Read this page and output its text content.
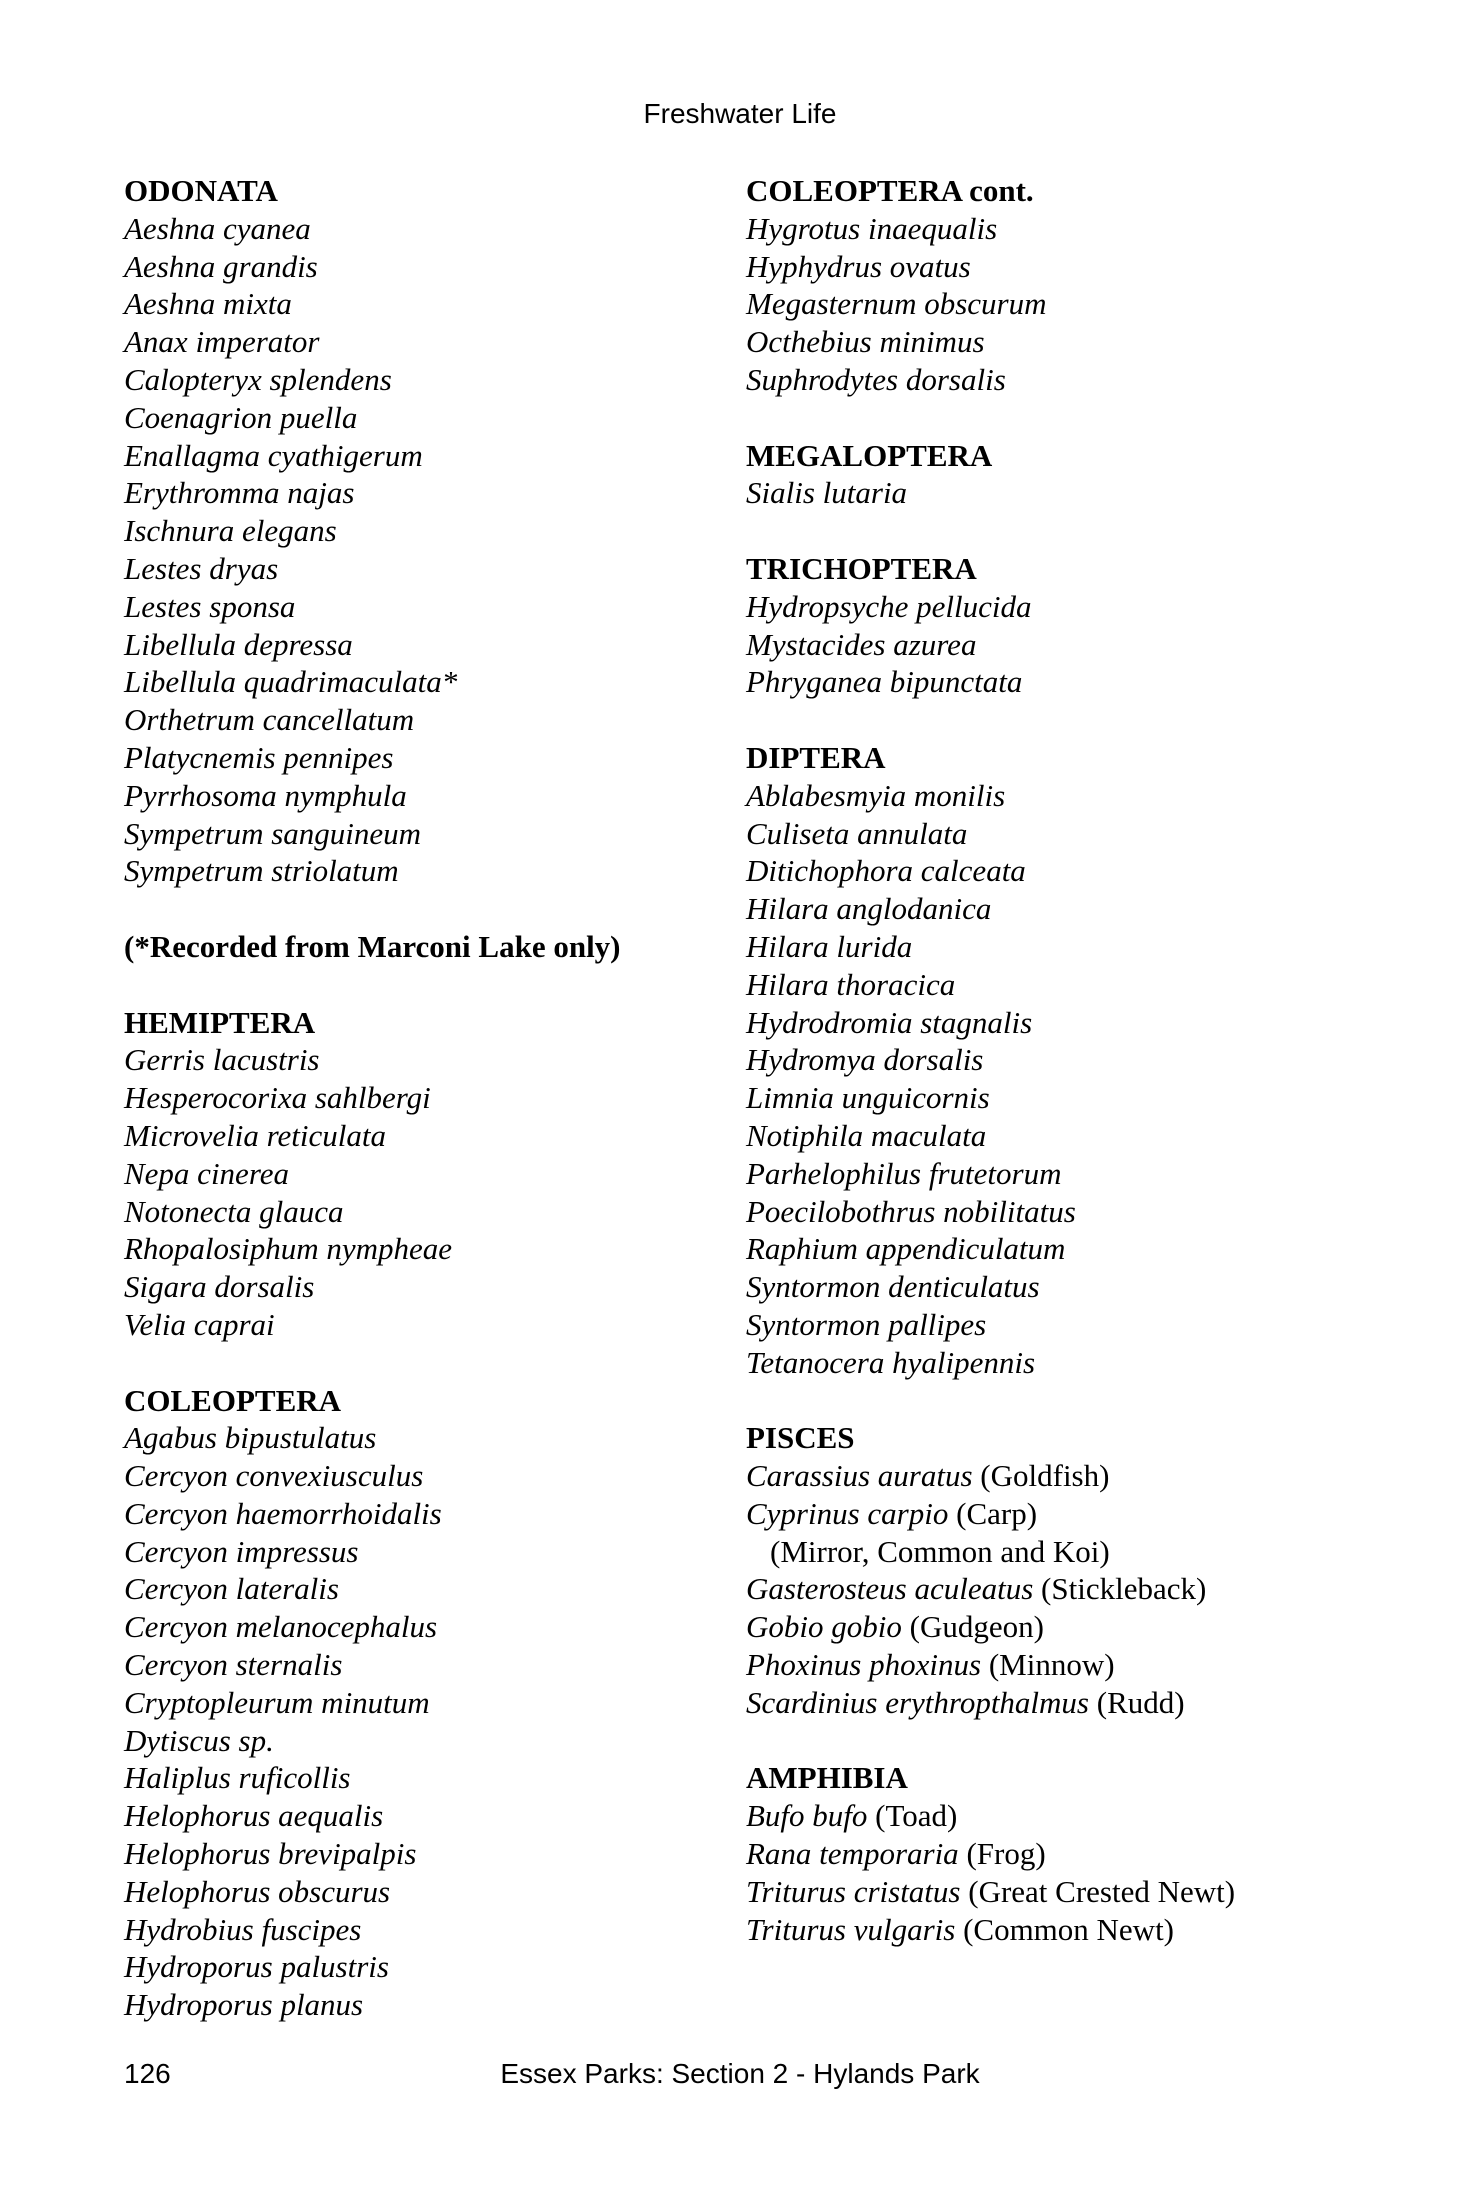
Freshwater Life
ODONATA
Aeshna cyanea
Aeshna grandis
Aeshna mixta
Anax imperator
Calopteryx splendens
Coenagrion puella
Enallagma cyathigerum
Erythromma najas
Ischnura elegans
Lestes dryas
Lestes sponsa
Libellula depressa
Libellula quadrimaculata*
Orthetrum cancellatum
Platycnemis pennipes
Pyrrhosoma nymphula
Sympetrum sanguineum
Sympetrum striolatum
(*Recorded from Marconi Lake only)
HEMIPTERA
Gerris lacustris
Hesperocorixa sahlbergi
Microvelia reticulata
Nepa cinerea
Notonecta glauca
Rhopalosiphum nympheae
Sigara dorsalis
Velia caprai
COLEOPTERA
Agabus bipustulatus
Cercyon convexiusculus
Cercyon haemorrhoidalis
Cercyon impressus
Cercyon lateralis
Cercyon melanocephalus
Cercyon sternalis
Cryptopleurum minutum
Dytiscus sp.
Haliplus ruficollis
Helophorus aequalis
Helophorus brevipalpis
Helophorus obscurus
Hydrobius fuscipes
Hydroporus palustris
Hydroporus planus
COLEOPTERA cont.
Hygrotus inaequalis
Hyphydrus ovatus
Megasternum obscurum
Octhebius minimus
Suphrodytes dorsalis
MEGALOPTERA
Sialis lutaria
TRICHOPTERA
Hydropsyche pellucida
Mystacides azurea
Phryganea bipunctata
DIPTERA
Ablabesmyia monilis
Culiseta annulata
Ditichophora calceata
Hilara anglodanica
Hilara lurida
Hilara thoracica
Hydrodromia stagnalis
Hydromya dorsalis
Limnia unguicornis
Notiphila maculata
Parhelophilus frutetorum
Poecilobothrus nobilitatus
Raphium appendiculatum
Syntormon denticulatus
Syntormon pallipes
Tetanocera hyalipennis
PISCES
Carassius auratus (Goldfish)
Cyprinus carpio (Carp)
(Mirror, Common and Koi)
Gasterosteus aculeatus (Stickleback)
Gobio gobio (Gudgeon)
Phoxinus phoxinus (Minnow)
Scardinius erythropthalmus (Rudd)
AMPHIBIA
Bufo bufo (Toad)
Rana temporaria (Frog)
Triturus cristatus (Great Crested Newt)
Triturus vulgaris (Common Newt)
126	Essex Parks: Section 2 - Hylands Park
